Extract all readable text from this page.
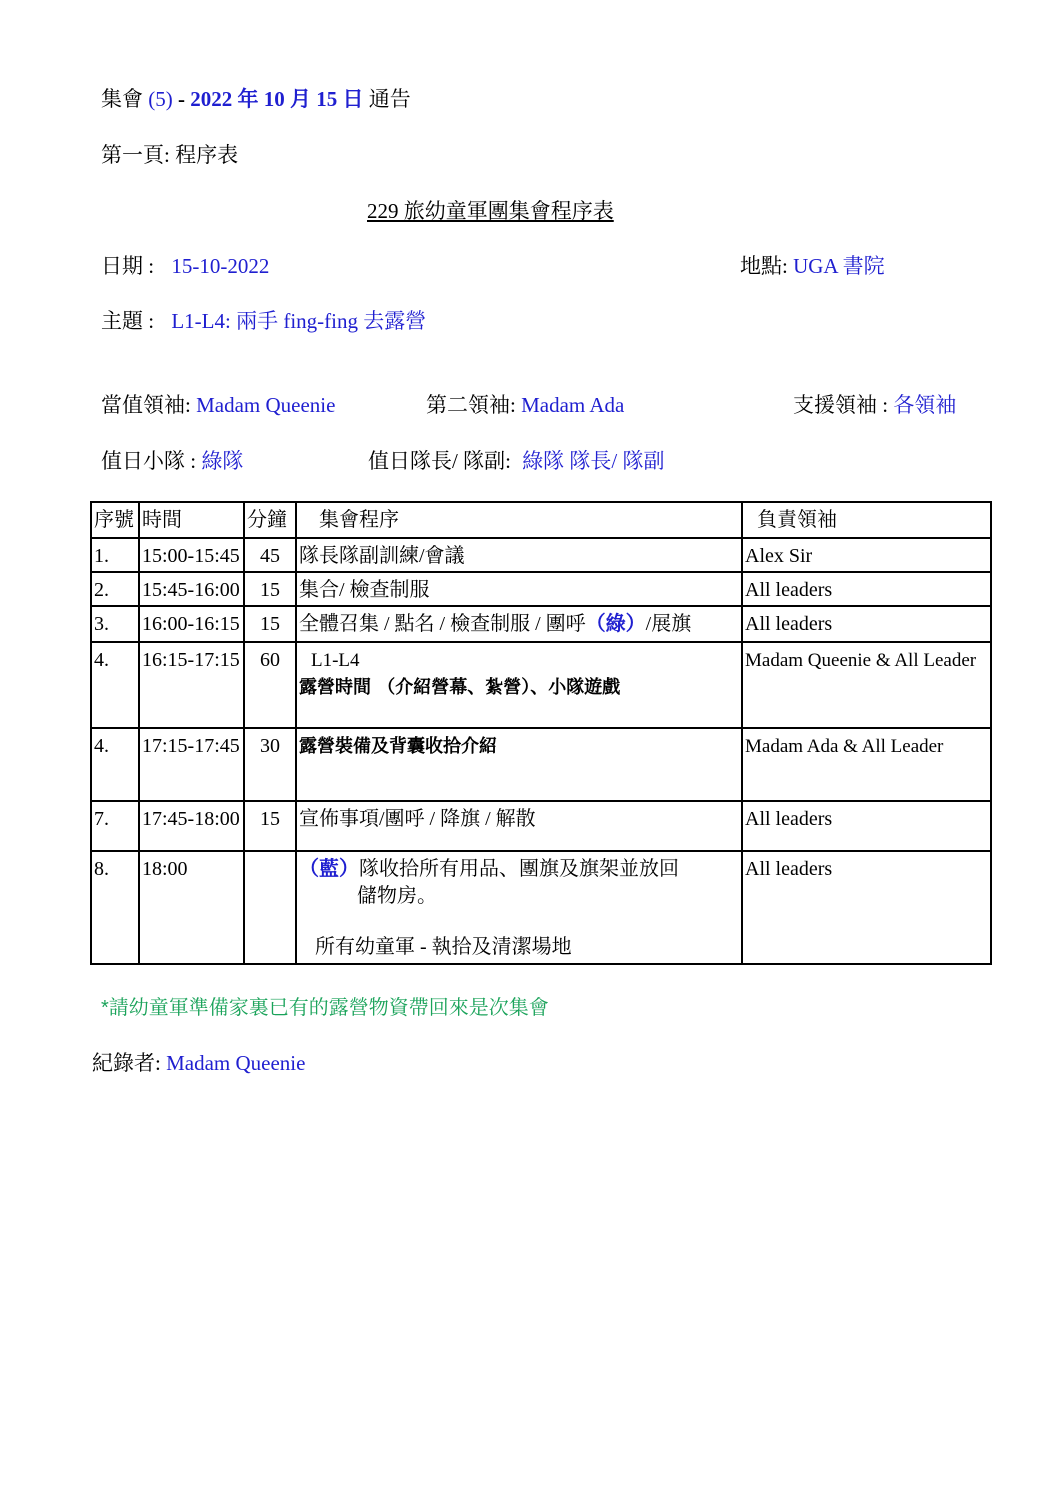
集會 (5) - 2022 年 10 月 15 日 通告
第一頁: 程序表
229 旅幼童軍團集會程序表
日期 : 15-10-2022	地點: UGA 書院
主題 : L1-L4: 兩手 fing-fing 去露營
當值領袖: Madam Queenie	第二領袖: Madam Ada	支援領袖 : 各領袖
值日小隊 : 綠隊	值日隊長/ 隊副: 綠隊 隊長/ 隊副
序號	時間	分鐘	集會程序	負責領袖
1.	15:00-15:45	45	隊長隊副訓練/會議	Alex Sir
2.	15:45-16:00	15	集合/ 檢查制服	All leaders
3.	16:00-16:15	15	全體召集 / 點名 / 檢查制服 / 團呼（綠）/展旗	All leaders
4.	16:15-17:15	60	L1-L4
露營時間 （介紹營幕、紮營）、小隊遊戲	Madam Queenie & All Leader
4.	17:15-17:45	30	露營裝備及背囊收拾介紹	Madam Ada & All Leader
7.	17:45-18:00	15	宣佈事項/團呼 / 降旗 / 解散	All leaders
8.	18:00		（藍）隊收拾所有用品、團旗及旗架並放回
儲物房。
所有幼童軍 - 執拾及清潔場地	All leaders
*請幼童軍準備家裏已有的露營物資帶回來是次集會
紀錄者: Madam Queenie
